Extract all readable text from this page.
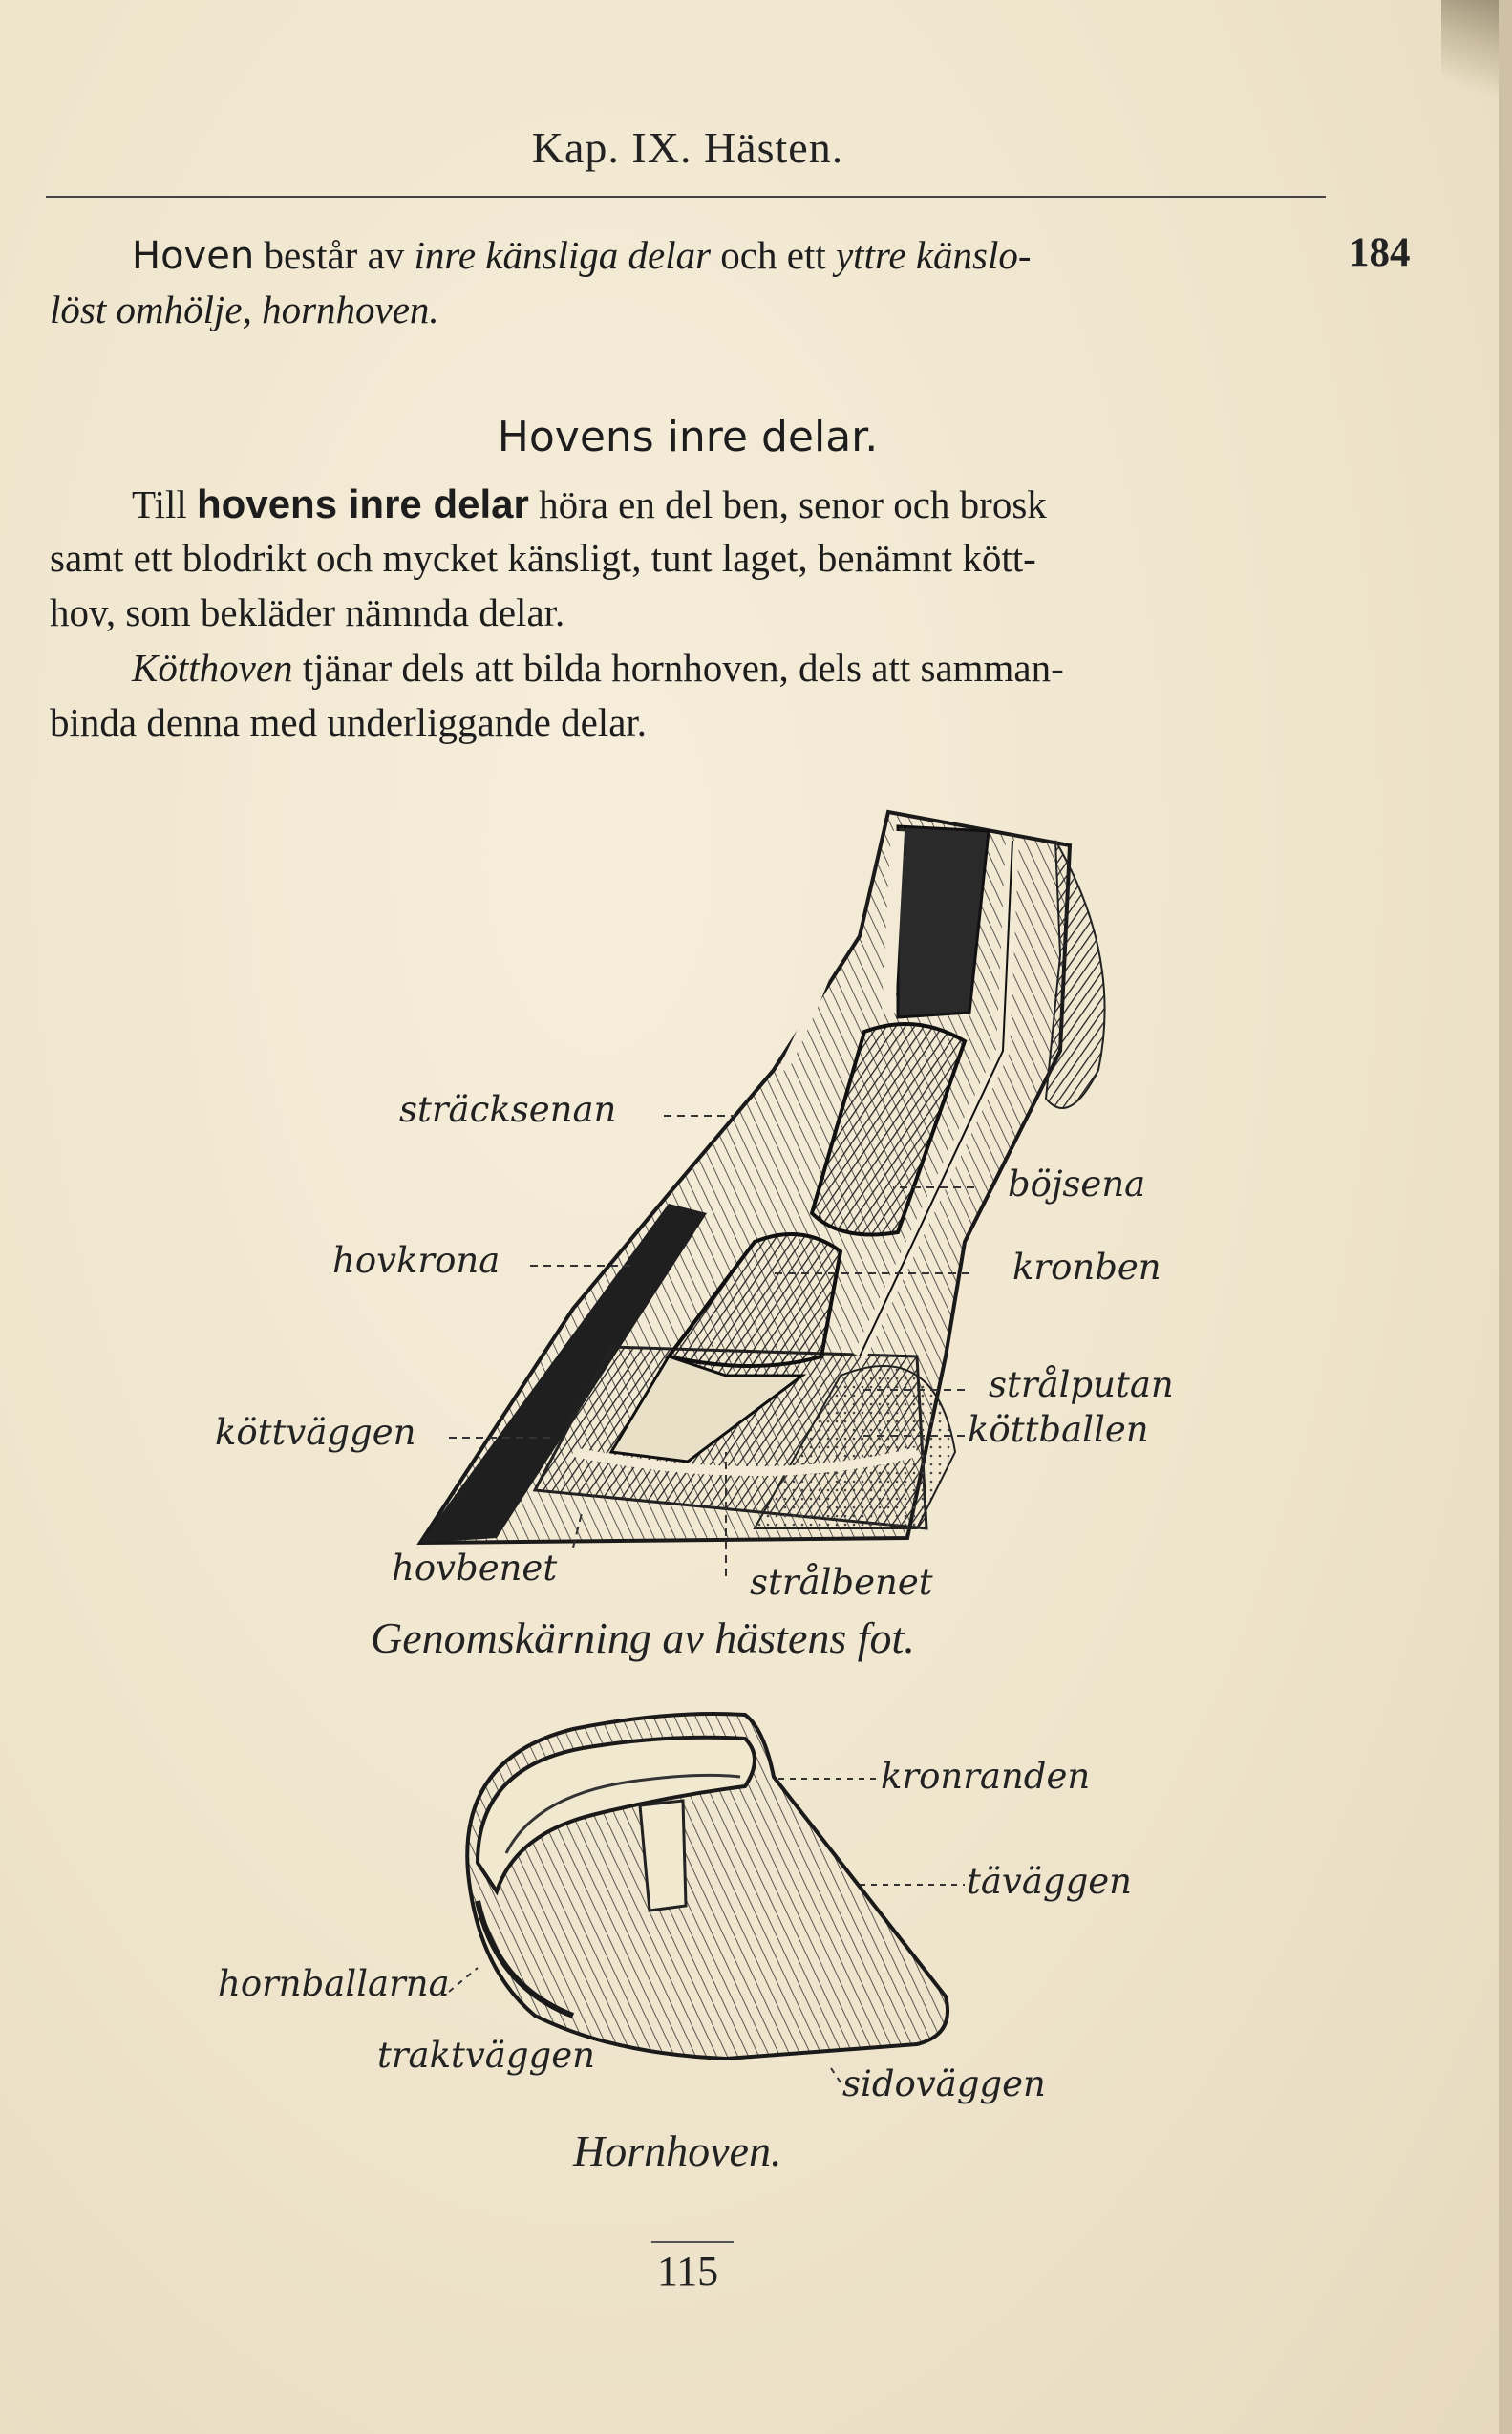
Kap. IX. Hästen.
184
Hoven består av inre känsliga delar och ett yttre känslo-
löst omhölje, hornhoven.
Hovens inre delar.
Till hovens inre delar höra en del ben, senor och brosk
samt ett blodrikt och mycket känsligt, tunt laget, benämnt kött-
hov, som bekläder nämnda delar.
Kötthoven tjänar dels att bilda hornhoven, dels att samman-
binda denna med underliggande delar.
sträcksenan
böjsena
hovkrona	kronben
strålputan
köttballen
köttväggen
hovbenet	strålbenet
Genomskärning av hästens fot.
kronranden
täväggen
hornballarna
traktväggen
sidoväggen
Hornhoven.
115
